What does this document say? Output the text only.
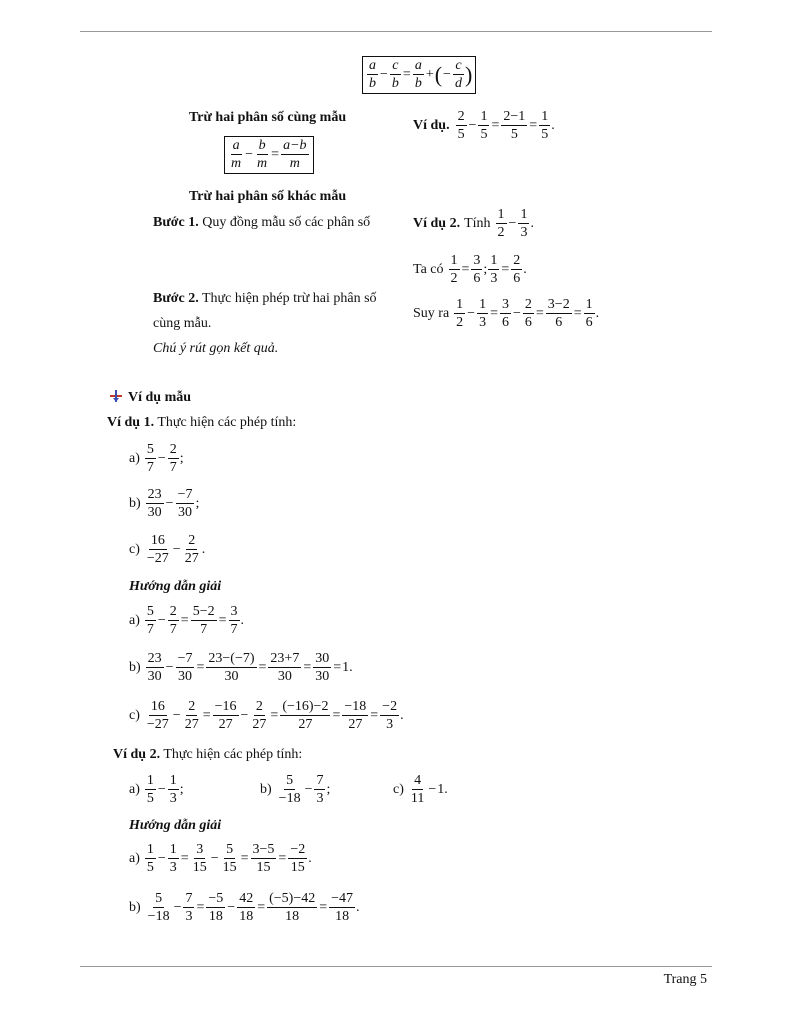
a
b
− $\frac{c}{b} = \frac{a}{b}$ + ( − $\frac{c}{d}$ )
Trừ hai phân số cùng mẫu
a
m
− $\frac{b}{m} = \frac{a-b}{m}$
Ví dụ.
2
5
− $\frac{1}{5} = \frac{2-1}{5} = \frac{1}{5}$ .
Trừ hai phân số khác mẫu
Bước 1. Quy đồng mẫu số các phân số	Ví dụ 2. Tính
1
2
− $\frac{1}{3}$ .
Ta có $\frac{1}{2} = \frac{3}{6}$ ; $\frac{1}{3} = \frac{2}{6}$ .
Bước 2. Thực hiện phép trừ hai phân số
cùng mẫu.
Chú ý rút gọn kết quả.
Suy ra
1
2
− $\frac{1}{3} = \frac{3}{6} - \frac{2}{6} = \frac{3-2}{6} = \frac{1}{6}$ .
Ví dụ mẫu
Ví dụ 1. Thực hiện các phép tính:
a)
5
7
− $\frac{2}{7}$ ;
b)
23
30
− $\frac{-7}{30}$ ;
c)
16
−27
− $\frac{2}{27}$ .
Hướng dẫn giải
a)
5
7
− $\frac{2}{7} = \frac{5-2}{7} = \frac{3}{7}$ .
b)
23
30
− $\frac{-7}{30} = \frac{23-(-7)}{30} = \frac{23+7}{30} = \frac{30}{30} = 1$ .
c)
16
−27
− $\frac{2}{27} = \frac{-16}{27} - \frac{2}{27} = \frac{(-16)-2}{27} = \frac{-18}{27} = \frac{-2}{3}$ .
Ví dụ 2. Thực hiện các phép tính:
a)
1
5
− $\frac{1}{3}$ ;	b)
5
−18
− $\frac{7}{3}$ ;	c)
4
11
− 1 .
Hướng dẫn giải
a)
1
5
− $\frac{1}{3} = \frac{3}{15} - \frac{5}{15} = \frac{3-5}{15} = \frac{-2}{15}$ .
b)
5
−18
− $\frac{7}{3} = \frac{-5}{18} - \frac{42}{18} = \frac{(-5)-42}{18} = \frac{-47}{18}$ .
Trang 5
